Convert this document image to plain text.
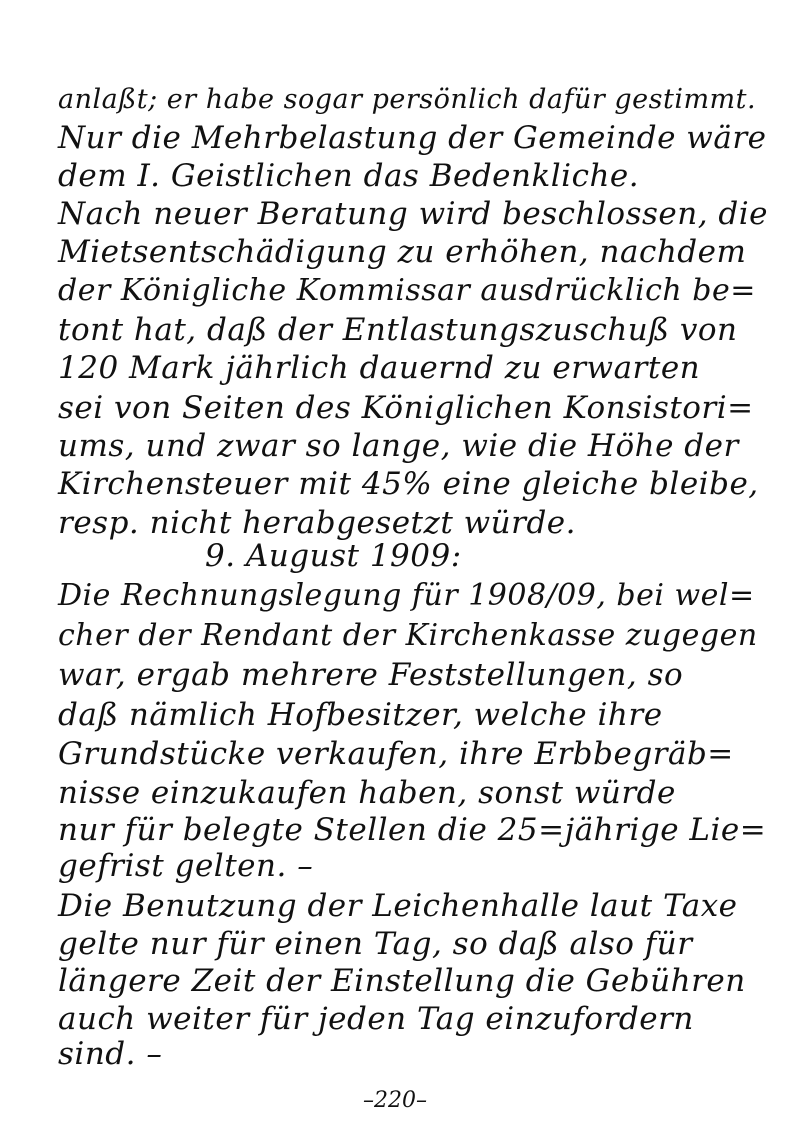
anlaßt; er habe sogar persönlich dafür gestimmt.
Nur die Mehrbelastung der Gemeinde wäre
dem I. Geistlichen das Bedenkliche.
Nach neuer Beratung wird beschlossen, die
Mietsentschädigung zu erhöhen, nachdem
der Königliche Kommissar ausdrücklich be=
tont hat, daß der Entlastungszuschuß von
120 Mark jährlich dauernd zu erwarten
sei von Seiten des Königlichen Konsistori=
ums, und zwar so lange, wie die Höhe der
Kirchensteuer mit 45% eine gleiche bleibe,
resp. nicht herabgesetzt würde.
9. August 1909:
Die Rechnungslegung für 1908/09, bei wel=
cher der Rendant der Kirchenkasse zugegen
war, ergab mehrere Feststellungen, so
daß nämlich Hofbesitzer, welche ihre
Grundstücke verkaufen, ihre Erbbegräb=
nisse einzukaufen haben, sonst würde
nur für belegte Stellen die 25=jährige Lie=
gefrist gelten. –
Die Benutzung der Leichenhalle laut Taxe
gelte nur für einen Tag, so daß also für
längere Zeit der Einstellung die Gebühren
auch weiter für jeden Tag einzufordern
sind. –
–220–
